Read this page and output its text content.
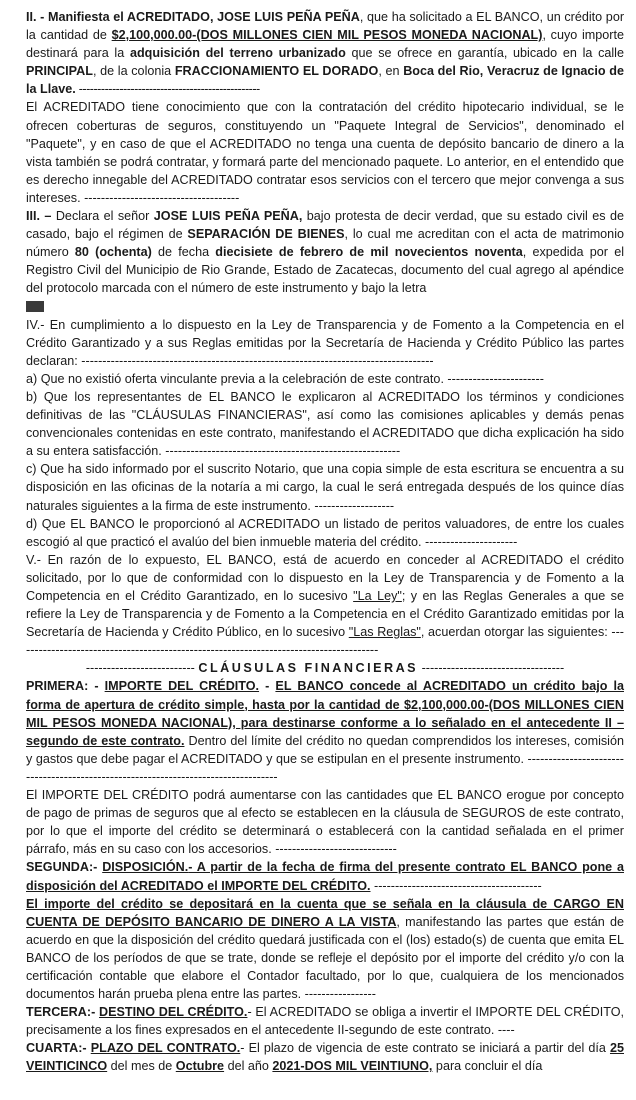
II. - Manifiesta el ACREDITADO, JOSE LUIS PEÑA PEÑA, que ha solicitado a EL BANCO, un crédito por la cantidad de $2,100,000.00-(DOS MILLONES CIEN MIL PESOS MONEDA NACIONAL), cuyo importe destinará para la adquisición del terreno urbanizado que se ofrece en garantía, ubicado en la calle PRINCIPAL, de la colonia FRACCIONAMIENTO EL DORADO, en Boca del Rio, Veracruz de Ignacio de la Llave. -------------------------------------------------

El ACREDITADO tiene conocimiento que con la contratación del crédito hipotecario individual, se le ofrecen coberturas de seguros, constituyendo un "Paquete Integral de Servicios", denominado el "Paquete", y en caso de que el ACREDITADO no tenga una cuenta de depósito bancario de dinero a la vista también se podrá contratar, y formará parte del mencionado paquete. Lo anterior, en el entendido que es derecho innegable del ACREDITADO contratar esos servicios con el tercero que mejor convenga a sus intereses. -------------------------------------

III. – Declara el señor JOSE LUIS PEÑA PEÑA, bajo protesta de decir verdad, que su estado civil es de casado, bajo el régimen de SEPARACIÓN DE BIENES, lo cual me acreditan con el acta de matrimonio número 80 (ochenta) de fecha diecisiete de febrero de mil novecientos noventa, expedida por el Registro Civil del Municipio de Rio Grande, Estado de Zacatecas, documento del cual agrego al apéndice del protocolo marcada con el número de este instrumento y bajo la letra

IV.- En cumplimiento a lo dispuesto en la Ley de Transparencia y de Fomento a la Competencia en el Crédito Garantizado y a sus Reglas emitidas por la Secretaría de Hacienda y Crédito Público las partes declaran: ------------------------------------------------------------------------------------

a) Que no existió oferta vinculante previa a la celebración de este contrato. -----------------------

b) Que los representantes de EL BANCO le explicaron al ACREDITADO los términos y condiciones definitivas de las "CLÁUSULAS FINANCIERAS", así como las comisiones aplicables y demás penas convencionales contenidas en este contrato, manifestando el ACREDITADO que dicha explicación ha sido a su entera satisfacción. --------------------------------------------------------

c) Que ha sido informado por el suscrito Notario, que una copia simple de esta escritura se encuentra a su disposición en las oficinas de la notaría a mi cargo, la cual le será entregada después de los quince días naturales siguientes a la firma de este instrumento. -------------------

d) Que EL BANCO le proporcionó al ACREDITADO un listado de peritos valuadores, de entre los cuales escogió al que practicó el avalúo del bien inmueble materia del crédito. ----------------------

V.- En razón de lo expuesto, EL BANCO, está de acuerdo en conceder al ACREDITADO el crédito solicitado, por lo que de conformidad con lo dispuesto en la Ley de Transparencia y de Fomento a la Competencia en el Crédito Garantizado, en lo sucesivo "La Ley"; y en las Reglas Generales a que se refiere la Ley de Transparencia y de Fomento a la Competencia en el Crédito Garantizado emitidas por la Secretaría de Hacienda y Crédito Público, en lo sucesivo "Las Reglas", acuerdan otorgar las siguientes: ---------------------------------------------------------------------------------------

-------------------------- CLÁUSULAS FINANCIERAS ----------------------------------

PRIMERA: - IMPORTE DEL CRÉDITO. - EL BANCO concede al ACREDITADO un crédito bajo la forma de apertura de crédito simple, hasta por la cantidad de $2,100,000.00-(DOS MILLONES CIEN MIL PESOS MONEDA NACIONAL), para destinarse conforme a lo señalado en el antecedente II – segundo de este contrato. Dentro del límite del crédito no quedan comprendidos los intereses, comisión y gastos que debe pagar el ACREDITADO y que se estipulan en el presente instrumento. -----------------------------------------------------------------------------------

El IMPORTE DEL CRÉDITO podrá aumentarse con las cantidades que EL BANCO erogue por concepto de pago de primas de seguros que al efecto se establecen en la cláusula de SEGUROS de este contrato, por lo que el importe del crédito se determinará o establecerá con la cantidad señalada en el primer párrafo, más en su caso con los accesorios. -----------------------------

SEGUNDA:- DISPOSICIÓN.- A partir de la fecha de firma del presente contrato EL BANCO pone a disposición del ACREDITADO el IMPORTE DEL CRÉDITO. ----------------------------------------

El importe del crédito se depositará en la cuenta que se señala en la cláusula de CARGO EN CUENTA DE DEPÓSITO BANCARIO DE DINERO A LA VISTA, manifestando las partes que están de acuerdo en que la disposición del crédito quedará justificada con el (los) estado(s) de cuenta que emita EL BANCO de los períodos de que se trate, donde se refleje el depósito por el importe del crédito y/o con la certificación contable que elabore el Contador facultado, por lo que, cualquiera de los mencionados documentos harán prueba plena entre las partes. -----------------

TERCERA:- DESTINO DEL CRÉDITO.- El ACREDITADO se obliga a invertir el IMPORTE DEL CRÉDITO, precisamente a los fines expresados en el antecedente II-segundo de este contrato. ----

CUARTA:- PLAZO DEL CONTRATO.- El plazo de vigencia de este contrato se iniciará a partir del día 25 VEINTICINCO del mes de Octubre del año 2021-DOS MIL VEINTIUNO, para concluir el día
